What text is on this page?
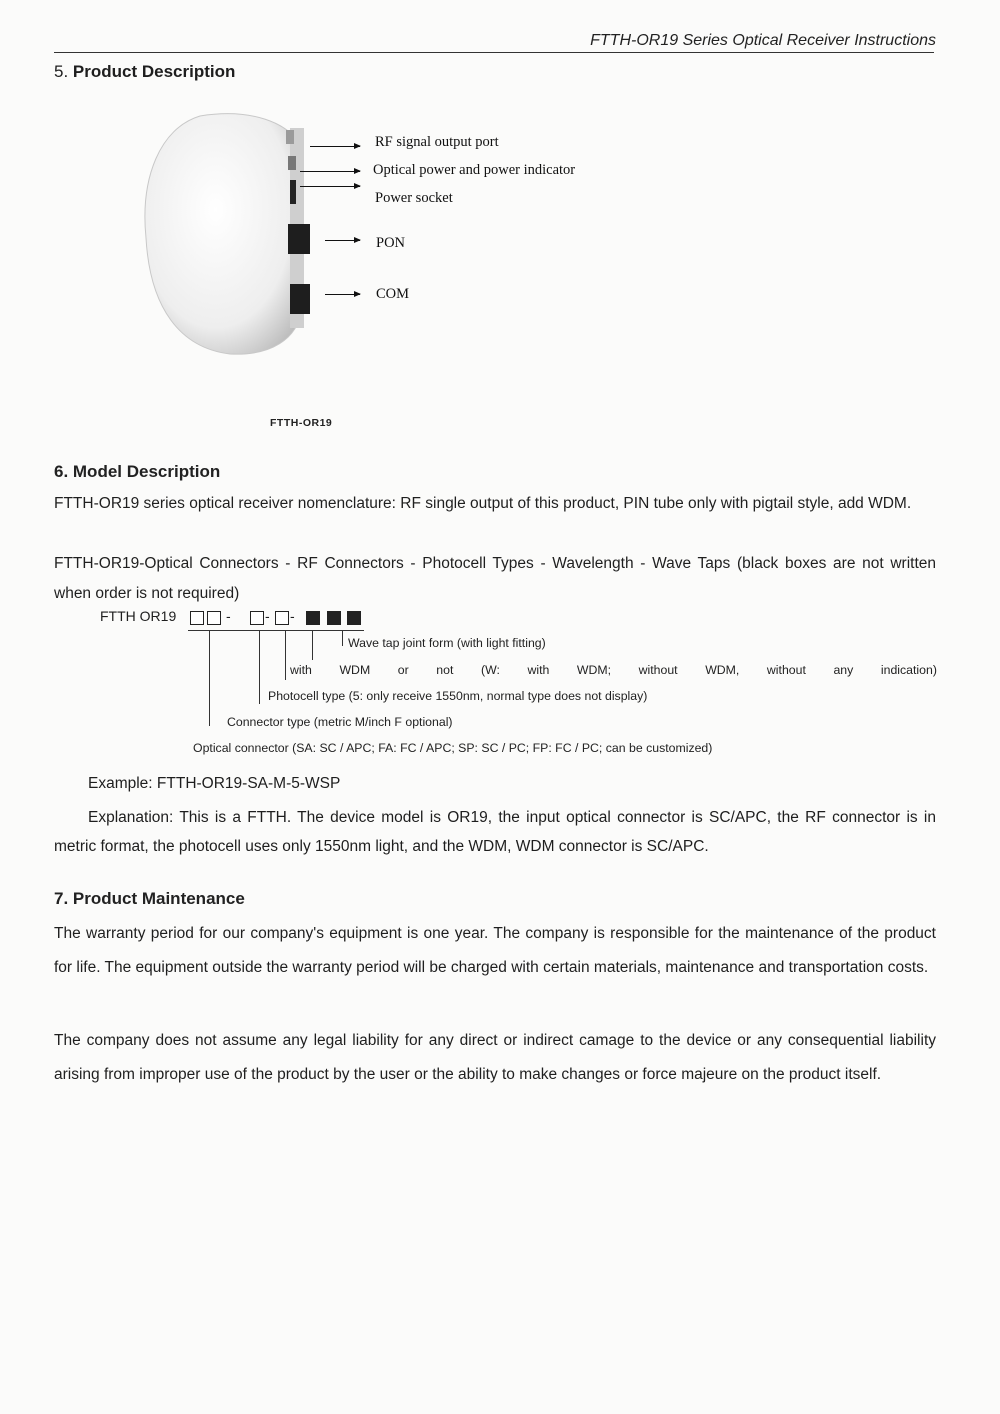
FTTH-OR19 Series Optical Receiver Instructions
5. Product Description
RF signal output port
Optical power and power indicator
Power socket
PON
COM
FTTH-OR19
6. Model Description
FTTH-OR19 series optical receiver nomenclature: RF single output of this product, PIN tube only with pigtail style, add WDM.
FTTH-OR19-Optical Connectors - RF Connectors - Photocell Types - Wavelength - Wave Taps (black boxes are not written when order is not required)
FTTH OR19	- - -
Wave tap joint form (with light fitting)
with WDM or not (W: with WDM; without WDM, without any indication)
Photocell type (5: only receive 1550nm, normal type does not display)
Connector type (metric M/inch F optional)
Optical connector (SA: SC / APC; FA: FC / APC; SP: SC / PC; FP: FC / PC; can be customized)
Example: FTTH-OR19-SA-M-5-WSP
Explanation: This is a FTTH. The device model is OR19, the input optical connector is SC/APC, the RF connector is in metric format, the photocell uses only 1550nm light, and the WDM, WDM connector is SC/APC.
7. Product Maintenance
The warranty period for our company's equipment is one year. The company is responsible for the maintenance of the product for life. The equipment outside the warranty period will be charged with certain materials, maintenance and transportation costs.
The company does not assume any legal liability for any direct or indirect camage to the device or any consequential liability arising from improper use of the product by the user or the ability to make changes or force majeure on the product itself.
